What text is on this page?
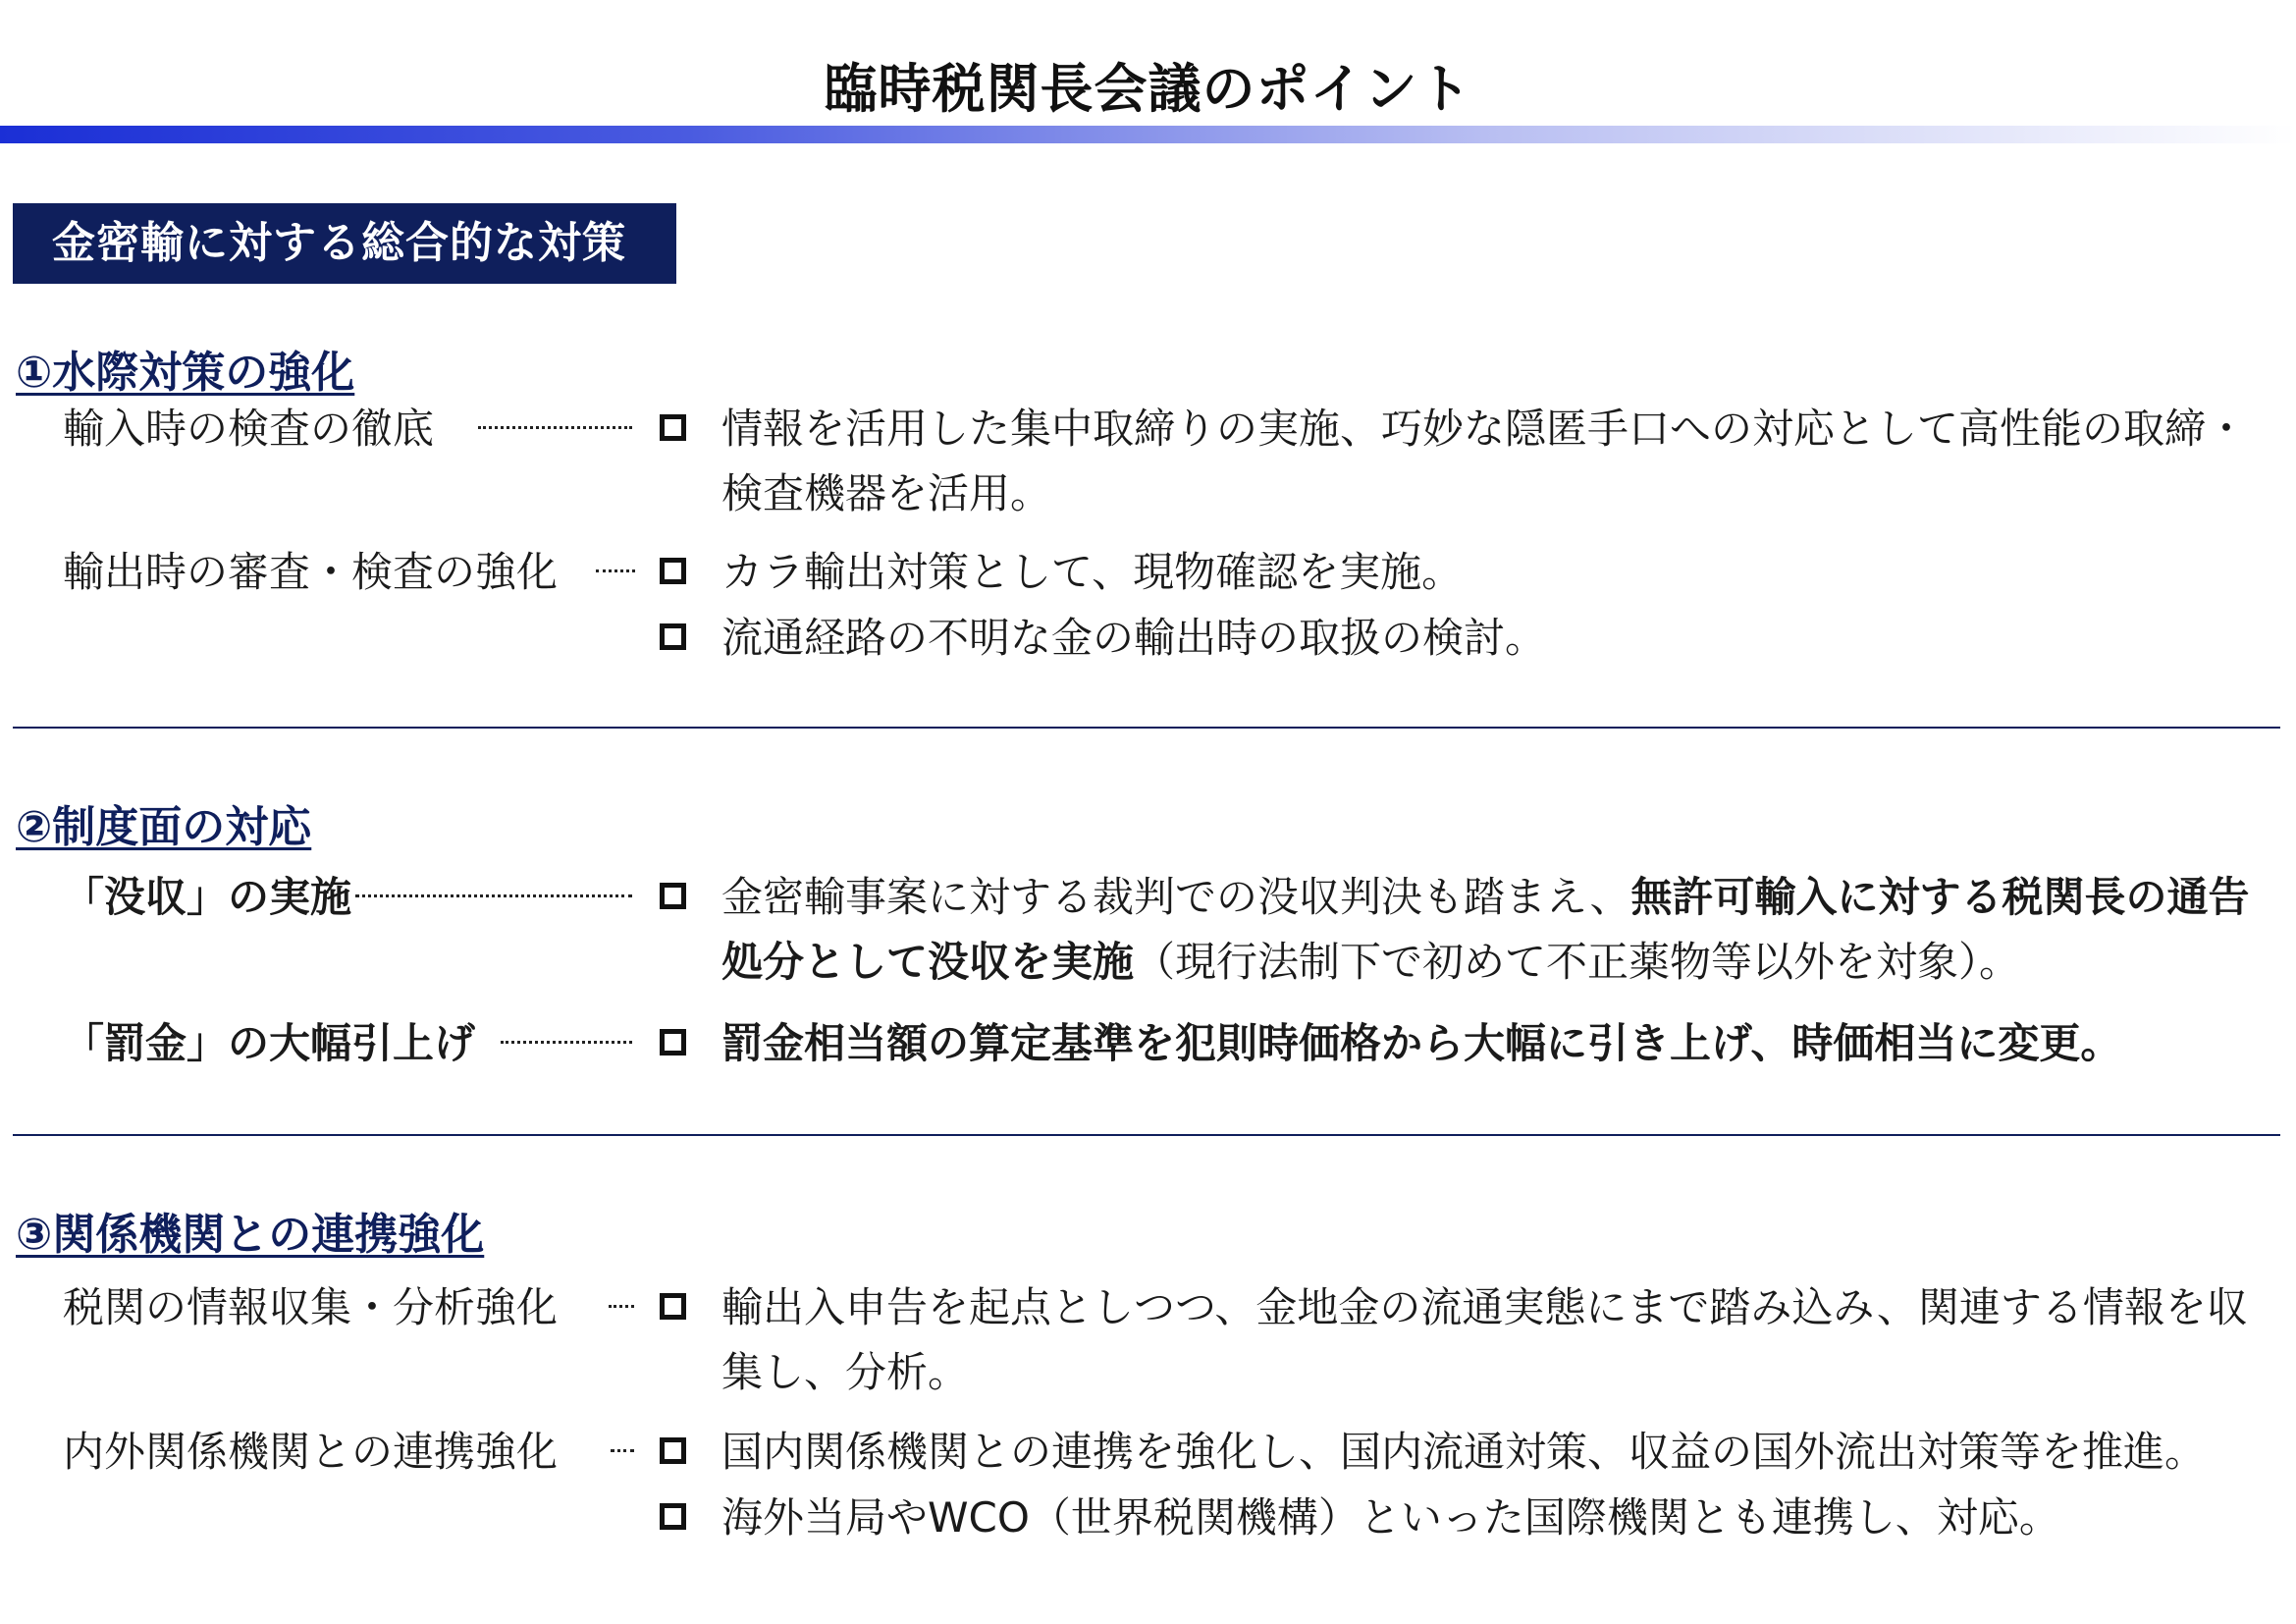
臨時税関長会議のポイント
金密輸に対する総合的な対策
①水際対策の強化
輸入時の検査の徹底	情報を活用した集中取締りの実施、巧妙な隠匿手口への対応として高性能の取締・検査機器を活用。
輸出時の審査・検査の強化	カラ輸出対策として、現物確認を実施。
流通経路の不明な金の輸出時の取扱の検討。
②制度面の対応
「没収」の実施	金密輸事案に対する裁判での没収判決も踏まえ、無許可輸入に対する税関長の通告処分として没収を実施（現行法制下で初めて不正薬物等以外を対象）。
「罰金」の大幅引上げ	罰金相当額の算定基準を犯則時価格から大幅に引き上げ、時価相当に変更。
③関係機関との連携強化
税関の情報収集・分析強化	輸出入申告を起点としつつ、金地金の流通実態にまで踏み込み、関連する情報を収集し、分析。
内外関係機関との連携強化	国内関係機関との連携を強化し、国内流通対策、収益の国外流出対策等を推進。
海外当局やWCO（世界税関機構）といった国際機関とも連携し、対応。
